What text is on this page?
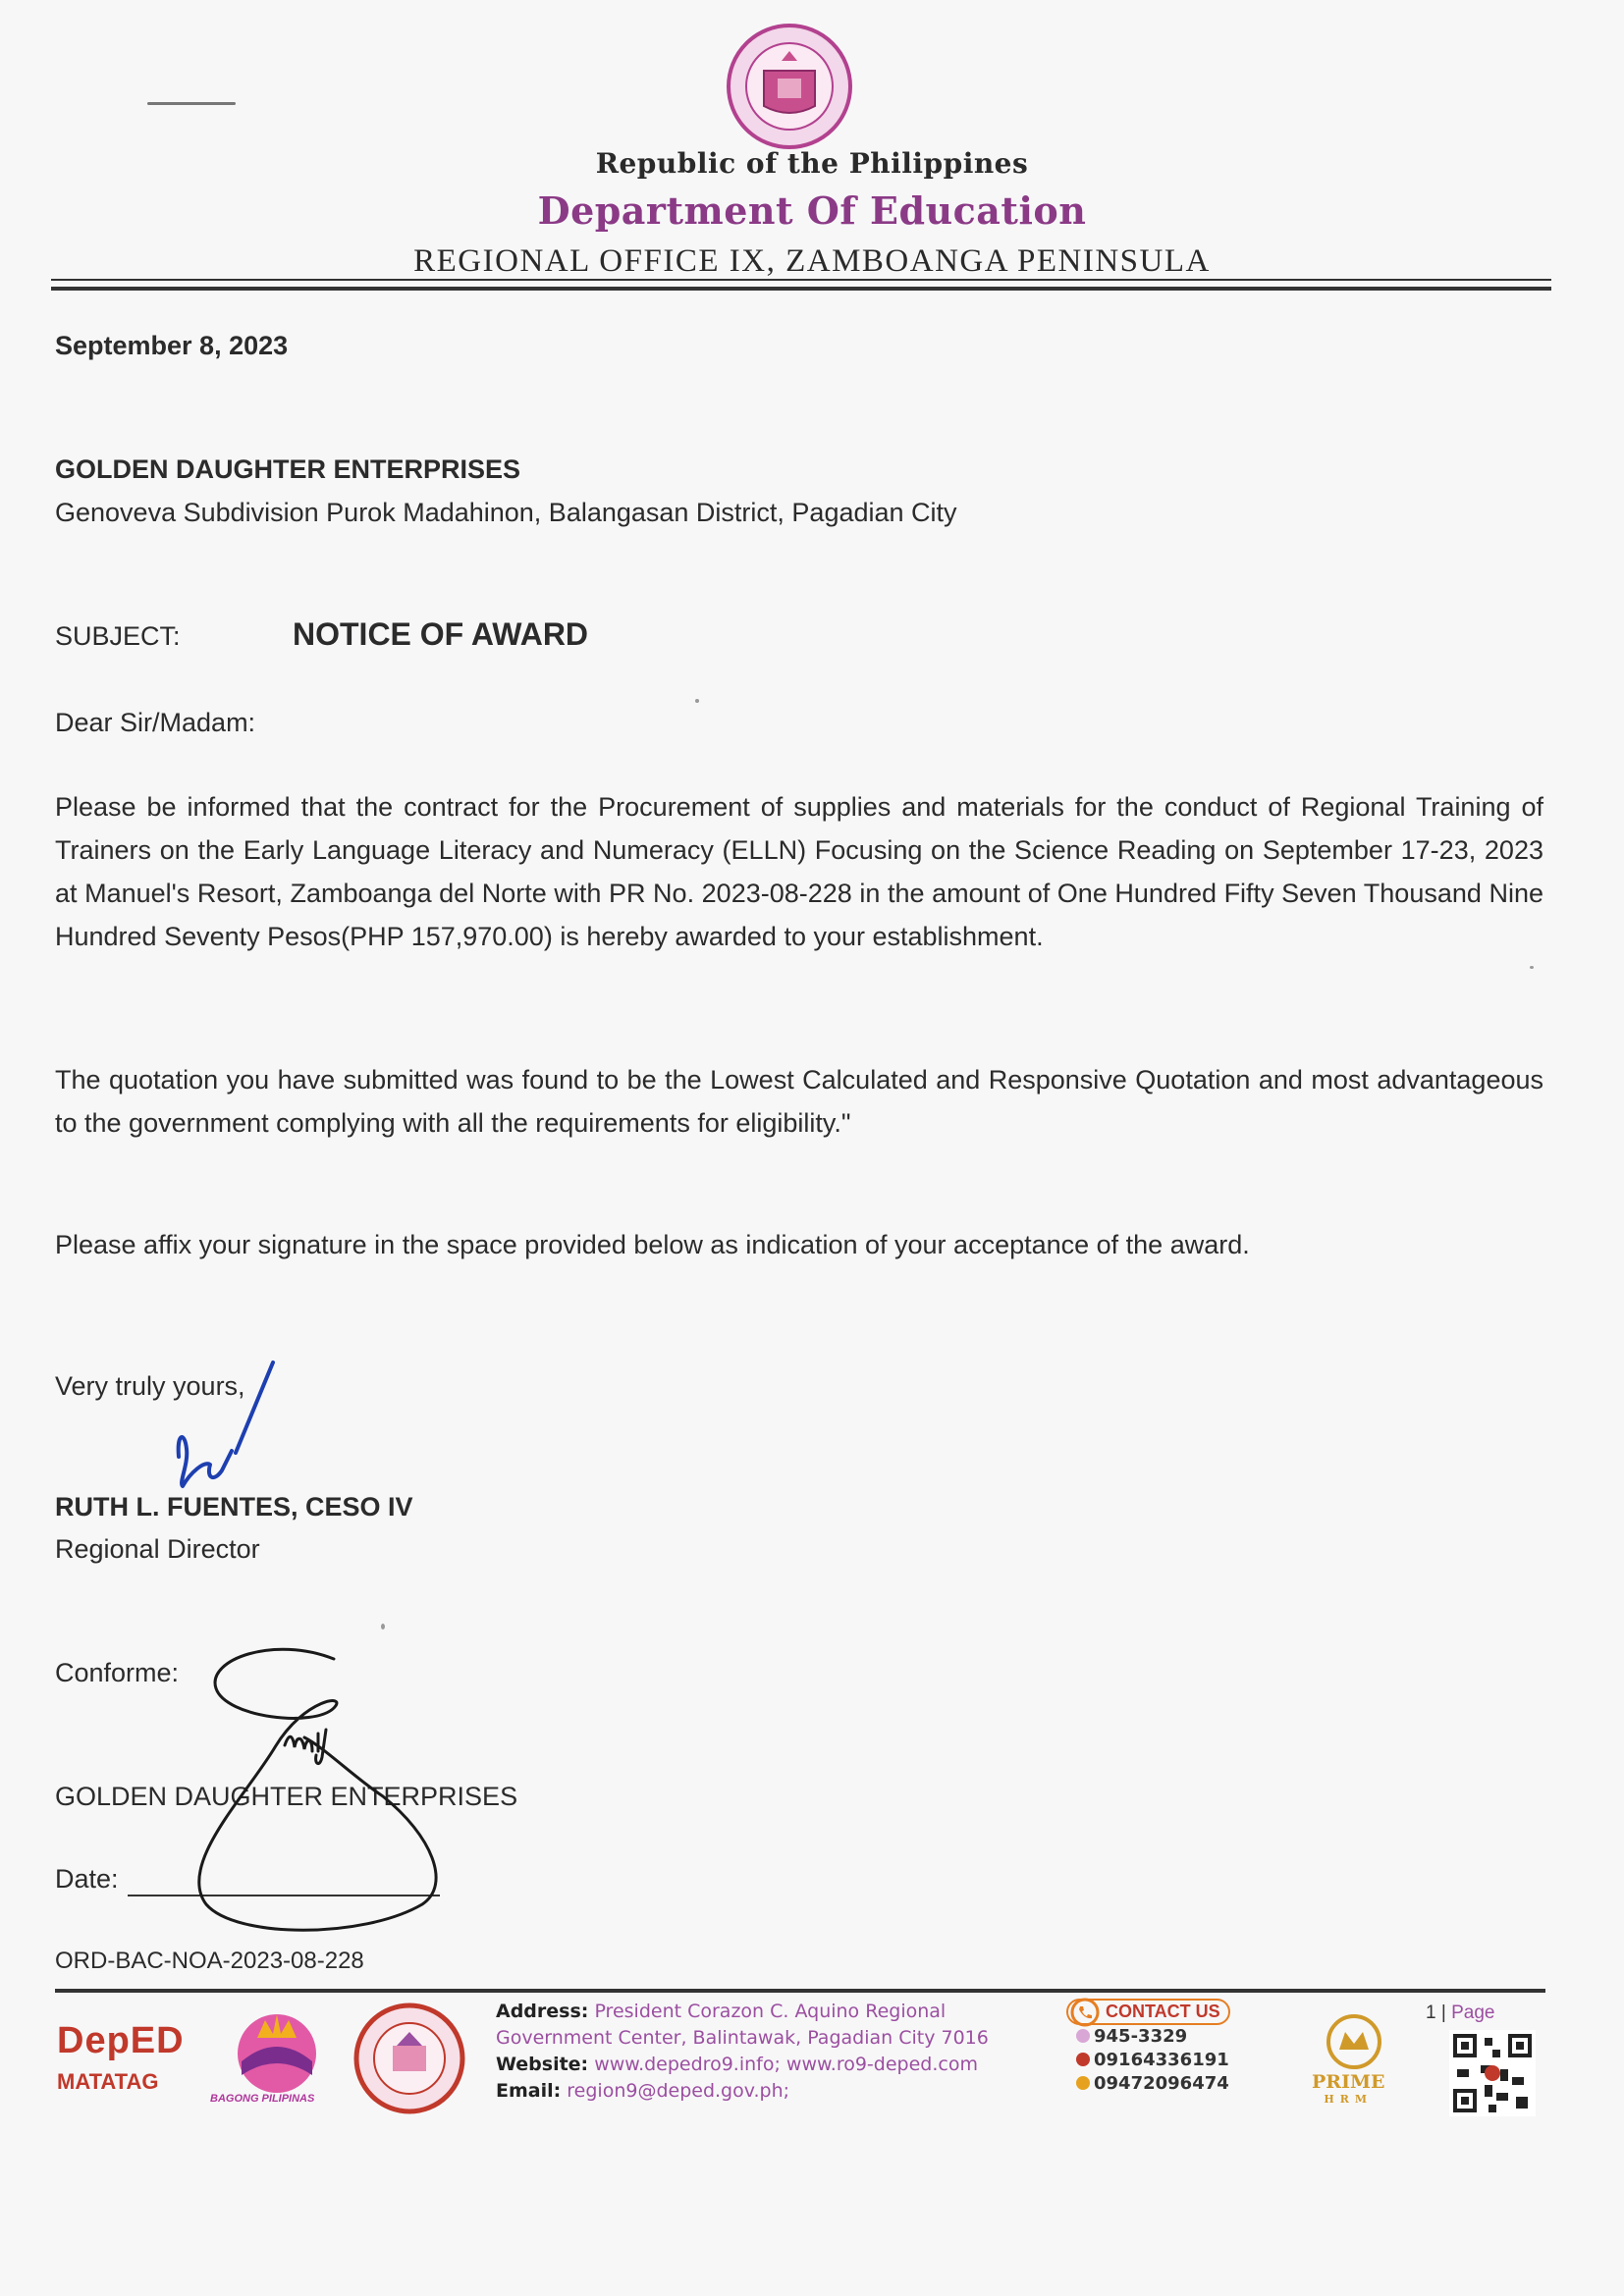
Republic of the Philippines
Department Of Education
REGIONAL OFFICE IX, ZAMBOANGA PENINSULA
September 8, 2023
GOLDEN DAUGHTER ENTERPRISES
Genoveva Subdivision Purok Madahinon, Balangasan District, Pagadian City
SUBJECT:	NOTICE OF AWARD
Dear Sir/Madam:
Please be informed that the contract for the Procurement of supplies and materials for the conduct of Regional Training of Trainers on the Early Language Literacy and Numeracy (ELLN) Focusing on the Science Reading on September 17-23, 2023 at Manuel's Resort, Zamboanga del Norte with PR No. 2023-08-228 in the amount of One Hundred Fifty Seven Thousand Nine Hundred Seventy Pesos(PHP 157,970.00) is hereby awarded to your establishment.
The quotation you have submitted was found to be the Lowest Calculated and Responsive Quotation and most advantageous to the government complying with all the requirements for eligibility."
Please affix your signature in the space provided below as indication of your acceptance of the award.
Very truly yours,
RUTH L. FUENTES, CESO IV
Regional Director
Conforme:
GOLDEN DAUGHTER ENTERPRISES
Date:
ORD-BAC-NOA-2023-08-228
DepED
MATATAG
BAGONG PILIPINAS
Address: President Corazon C. Aquino Regional
Government Center, Balintawak, Pagadian City 7016
Website: www.depedro9.info; www.ro9-deped.com
Email: region9@deped.gov.ph;
CONTACT US
945-3329
09164336191
09472096474	PRIME
HRM
1 | Page
